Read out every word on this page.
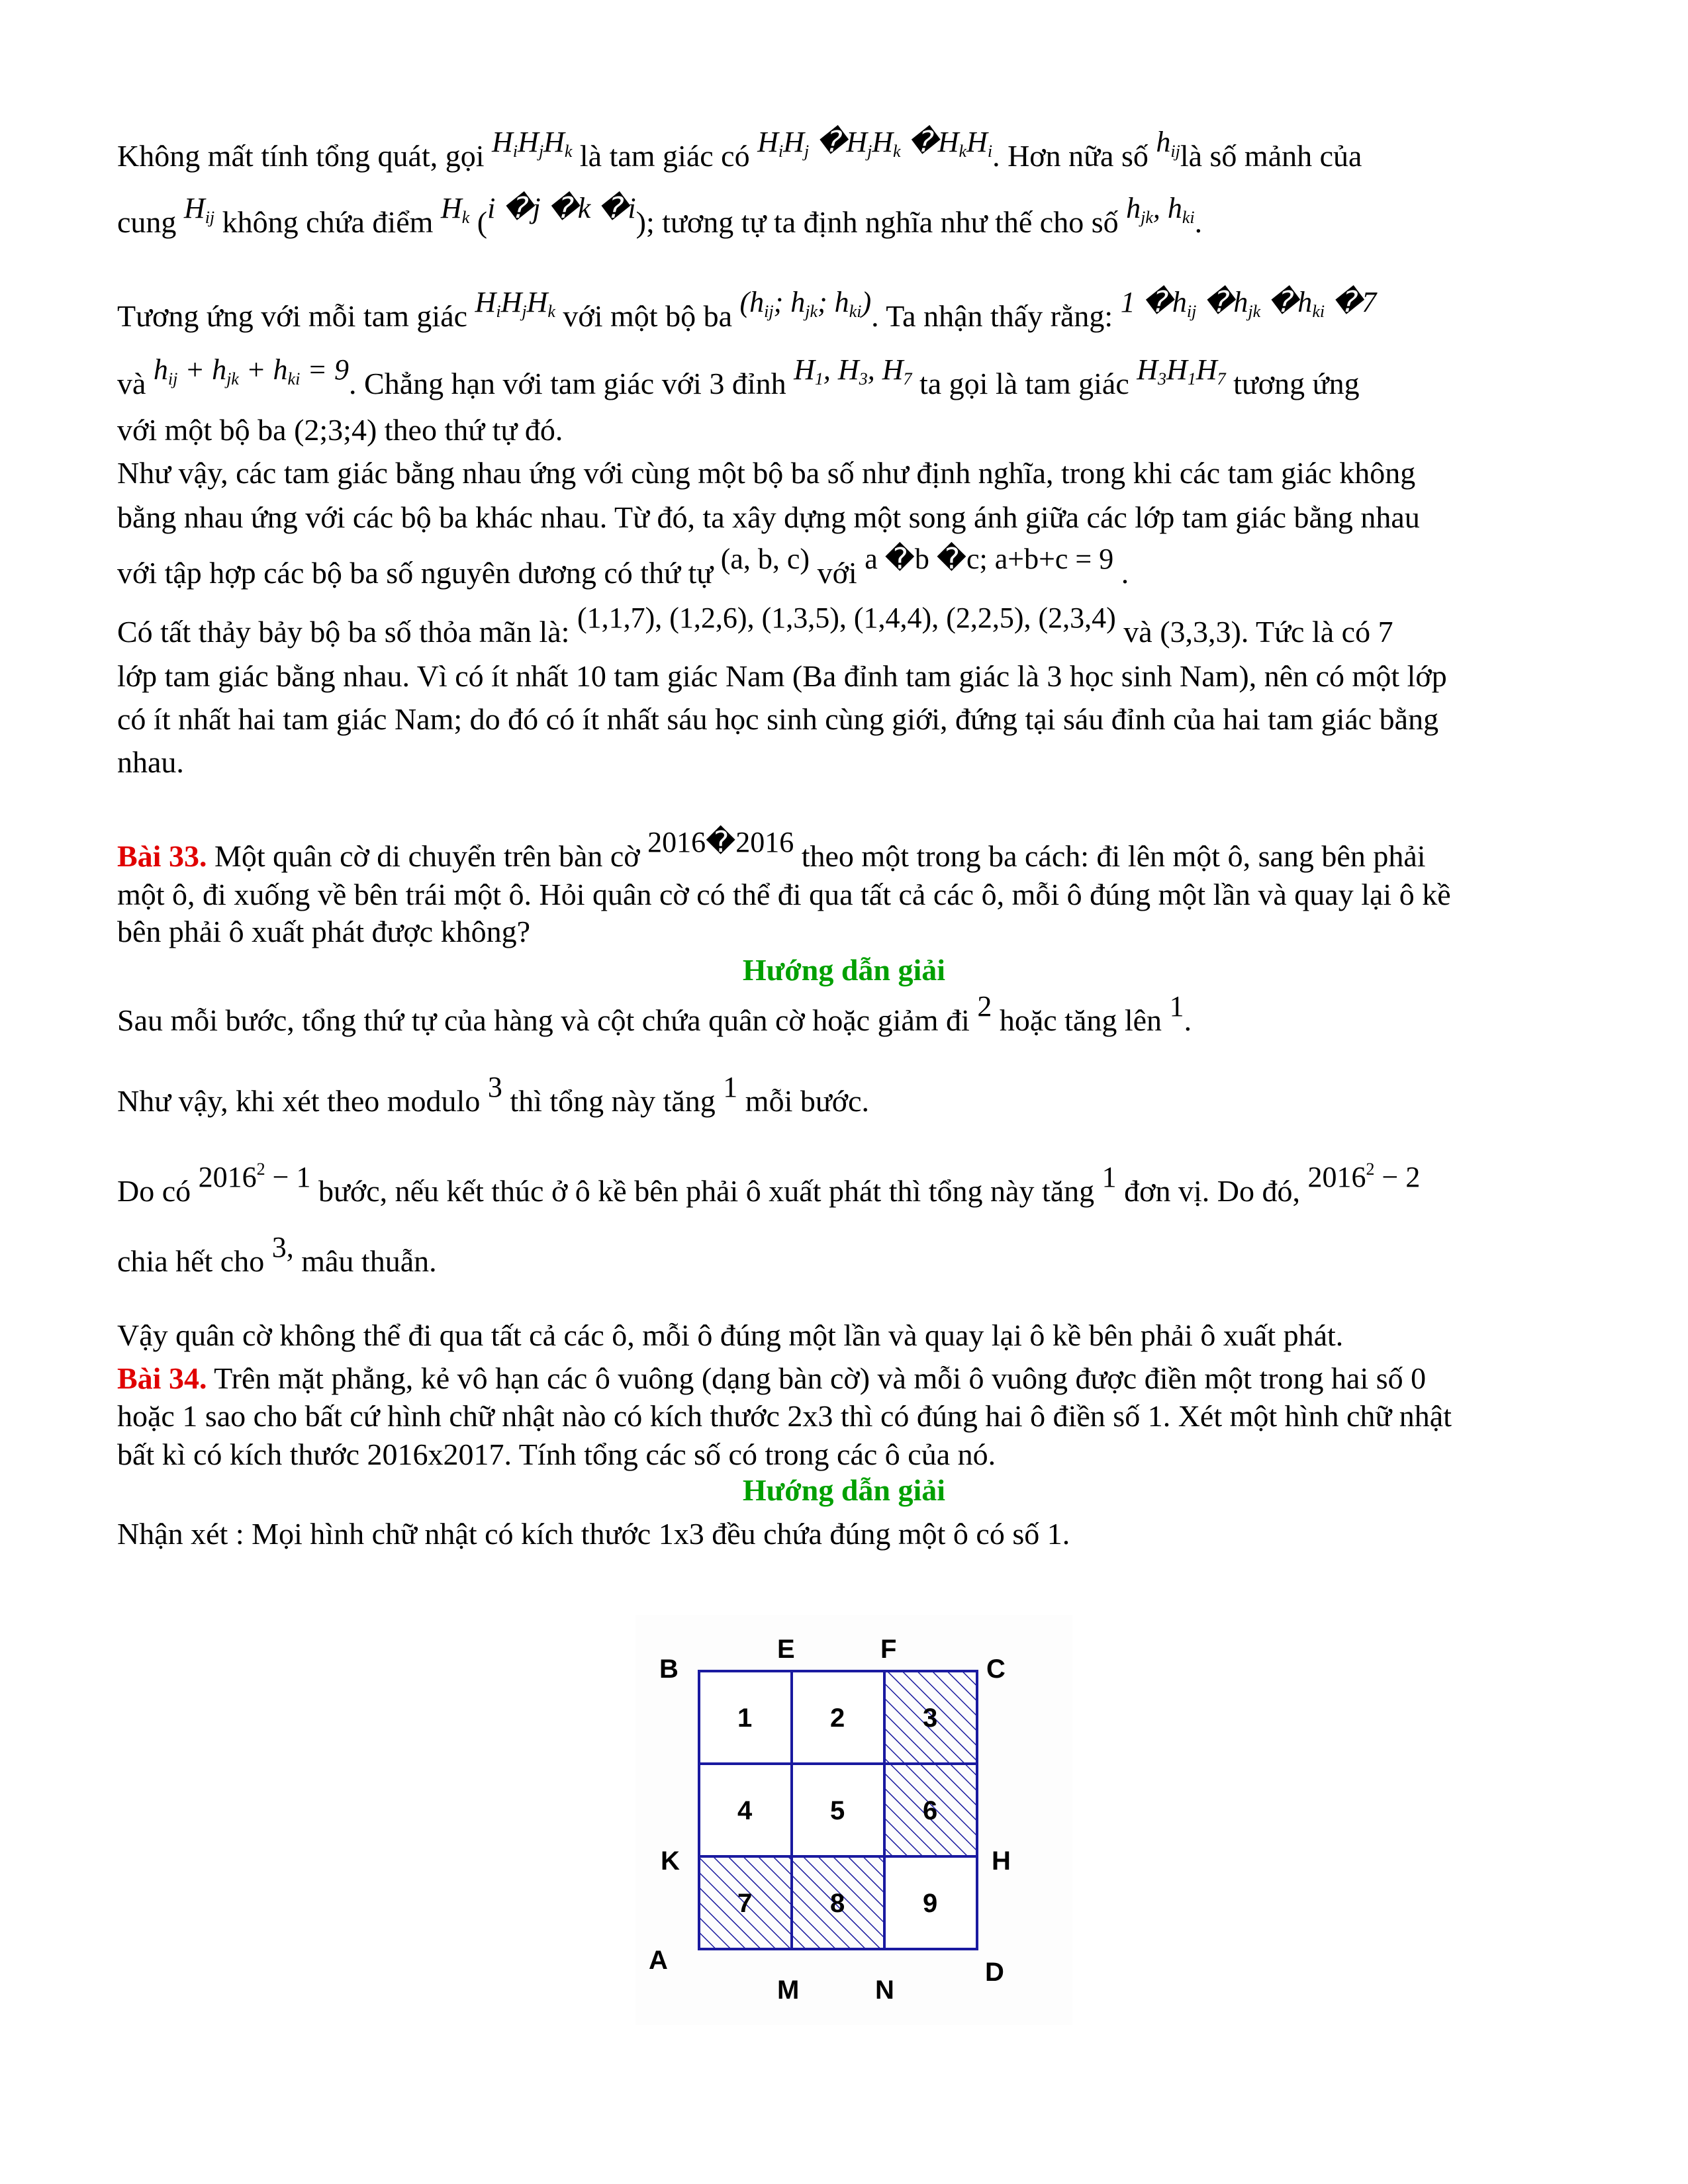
Không mất tính tổng quát, gọi $H_iH_jH_k$ là tam giác có $H_iH_j$ $�H_jH_k$ $�H_kH_i$. Hơn nữa số $h_{ij}là$ số mảnh của
cung $H_{ij}$ không chứa điểm $H_k$ (i �j �k �i); tương tự ta định nghĩa như thế cho số $h_{jk}$, $h_{ki}$.
Tương ứng với mỗi tam giác $H_iH_jH_k$ với một bộ ba ($h_{ij}$; $h_{jk}$; $h_{ki}$). Ta nhận thấy rằng: 1 $�h_{ij}$ $�h_{jk}$ $�h_{ki}$ �7
và $h_{ij} + h_{jk} + h_{ki} = 9$. Chẳng hạn với tam giác với 3 đỉnh $H_1$, $H_3$, $H_7$ ta gọi là tam giác $H_3H_1H_7$ tương ứng
với một bộ ba (2;3;4) theo thứ tự đó.
Như vậy, các tam giác bằng nhau ứng với cùng một bộ ba số như định nghĩa, trong khi các tam giác không
bằng nhau ứng với các bộ ba khác nhau. Từ đó, ta xây dựng một song ánh giữa các lớp tam giác bằng nhau
với tập hợp các bộ ba số nguyên dương có thứ tự (a, b, c) với a �b �c; a+b+c = 9 .
Có tất thảy bảy bộ ba số thỏa mãn là: (1,1,7), (1,2,6), (1,3,5), (1,4,4), (2,2,5), (2,3,4) và (3,3,3). Tức là có 7
lớp tam giác bằng nhau. Vì có ít nhất 10 tam giác Nam (Ba đỉnh tam giác là 3 học sinh Nam), nên có một lớp
có ít nhất hai tam giác Nam; do đó có ít nhất sáu học sinh cùng giới, đứng tại sáu đỉnh của hai tam giác bằng
nhau.
Bài 33. Một quân cờ di chuyển trên bàn cờ 2016�2016 theo một trong ba cách: đi lên một ô, sang bên phải
một ô, đi xuống về bên trái một ô. Hỏi quân cờ có thể đi qua tất cả các ô, mỗi ô đúng một lần và quay lại ô kề
bên phải ô xuất phát được không?
Sau mỗi bước, tổng thứ tự của hàng và cột chứa quân cờ hoặc giảm đi 2 hoặc tăng lên 1.
Như vậy, khi xét theo modulo 3 thì tổng này tăng 1 mỗi bước.
Do có $2016^2 - 1$ bước, nếu kết thúc ở ô kề bên phải ô xuất phát thì tổng này tăng 1 đơn vị. Do đó, $2016^2 - 2$
chia hết cho 3, mâu thuẫn.
Vậy quân cờ không thể đi qua tất cả các ô, mỗi ô đúng một lần và quay lại ô kề bên phải ô xuất phát.
Bài 34. Trên mặt phẳng, kẻ vô hạn các ô vuông (dạng bàn cờ) và mỗi ô vuông được điền một trong hai số 0
hoặc 1 sao cho bất cứ hình chữ nhật nào có kích thước 2x3 thì có đúng hai ô điền số 1. Xét một hình chữ nhật
bất kì có kích thước 2016x2017. Tính tổng các số có trong các ô của nó.
Nhận xét : Mọi hình chữ nhật có kích thước 1x3 đều chứa đúng một ô có số 1.
Hướng dẫn giải
Hướng dẫn giải
1	2	3
4	5	6
7	8	9
B
E	F
C
K	H
A
M	N
D
